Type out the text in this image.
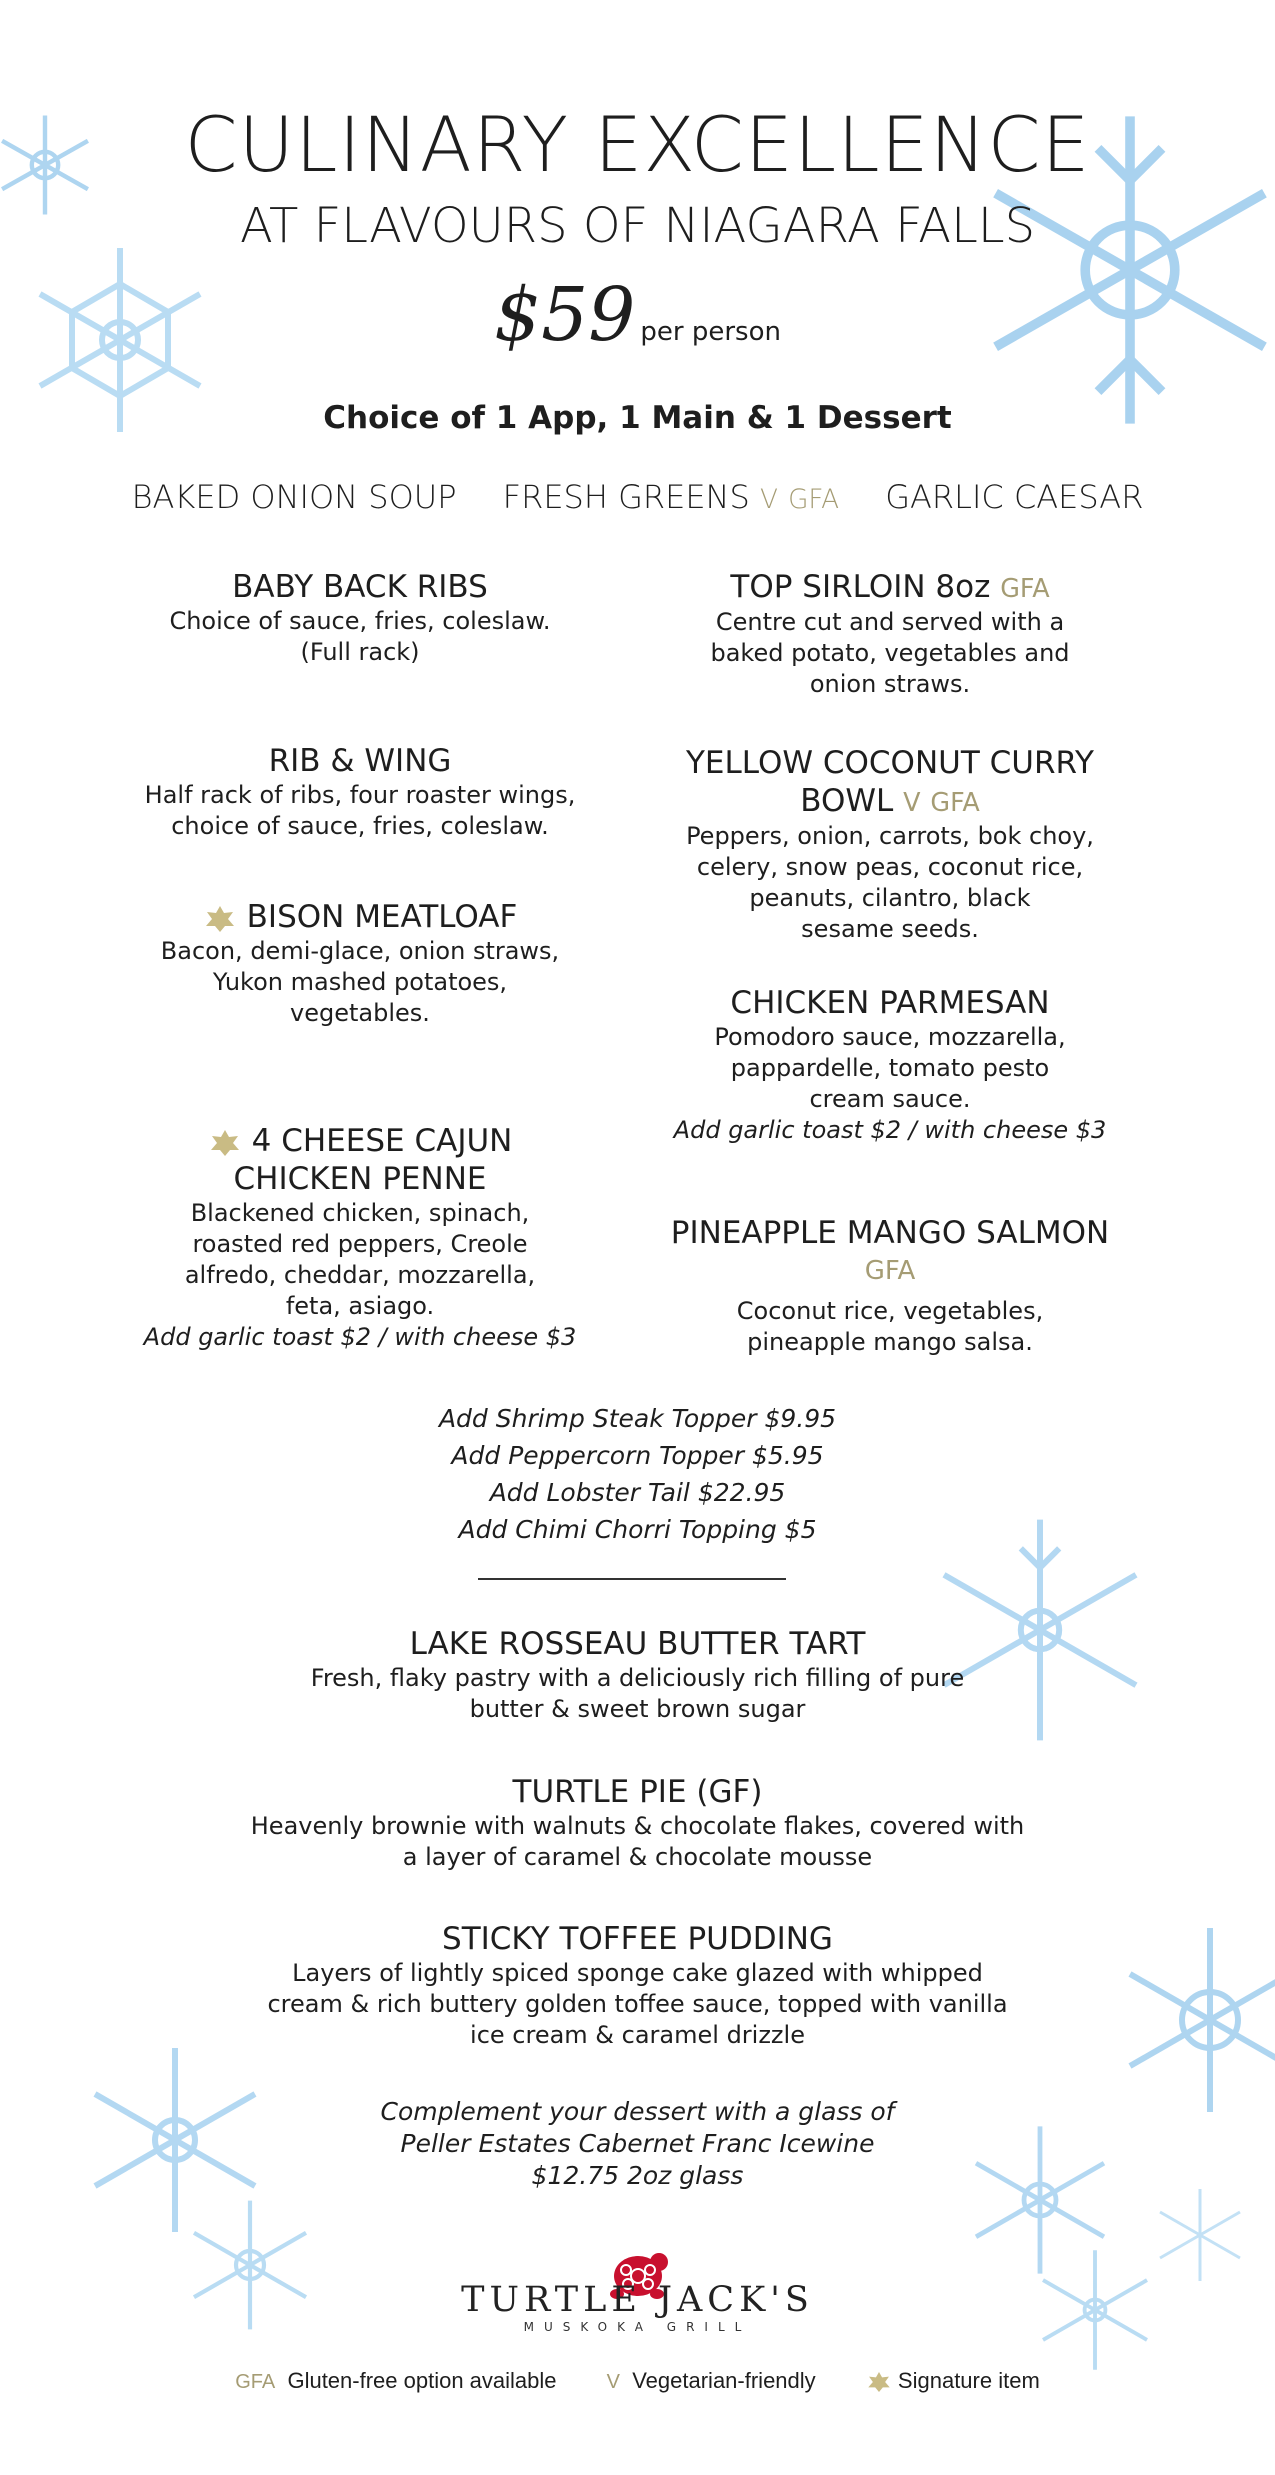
CULINARY EXCELLENCE
AT FLAVOURS OF NIAGARA FALLS
$59 per person
Choice of 1 App, 1 Main & 1 Dessert
BAKED ONION SOUP FRESH GREENS V GFA GARLIC CAESAR
BABY BACK RIBS
Choice of sauce, fries, coleslaw.
(Full rack)
RIB & WING
Half rack of ribs, four roaster wings,
choice of sauce, fries, coleslaw.
BISON MEATLOAF
Bacon, demi-glace, onion straws,
Yukon mashed potatoes,
vegetables.
4 CHEESE CAJUN
CHICKEN PENNE
Blackened chicken, spinach,
roasted red peppers, Creole
alfredo, cheddar, mozzarella,
feta, asiago.
Add garlic toast $2 / with cheese $3
TOP SIRLOIN 8oz GFA
Centre cut and served with a
baked potato, vegetables and
onion straws.
YELLOW COCONUT CURRY
BOWL V GFA
Peppers, onion, carrots, bok choy,
celery, snow peas, coconut rice,
peanuts, cilantro, black
sesame seeds.
CHICKEN PARMESAN
Pomodoro sauce, mozzarella,
pappardelle, tomato pesto
cream sauce.
Add garlic toast $2 / with cheese $3
PINEAPPLE MANGO SALMON
GFA
Coconut rice, vegetables,
pineapple mango salsa.
Add Shrimp Steak Topper $9.95
Add Peppercorn Topper $5.95
Add Lobster Tail $22.95
Add Chimi Chorri Topping $5
LAKE ROSSEAU BUTTER TART
Fresh, flaky pastry with a deliciously rich filling of pure
butter & sweet brown sugar
TURTLE PIE (GF)
Heavenly brownie with walnuts & chocolate flakes, covered with
a layer of caramel & chocolate mousse
STICKY TOFFEE PUDDING
Layers of lightly spiced sponge cake glazed with whipped
cream & rich buttery golden toffee sauce, topped with vanilla
ice cream & caramel drizzle
Complement your dessert with a glass of
Peller Estates Cabernet Franc Icewine
$12.75 2oz glass
TURTLE JACK'S
MUSKOKA GRILL
GFA Gluten-free option available	V Vegetarian-friendly	Signature item
